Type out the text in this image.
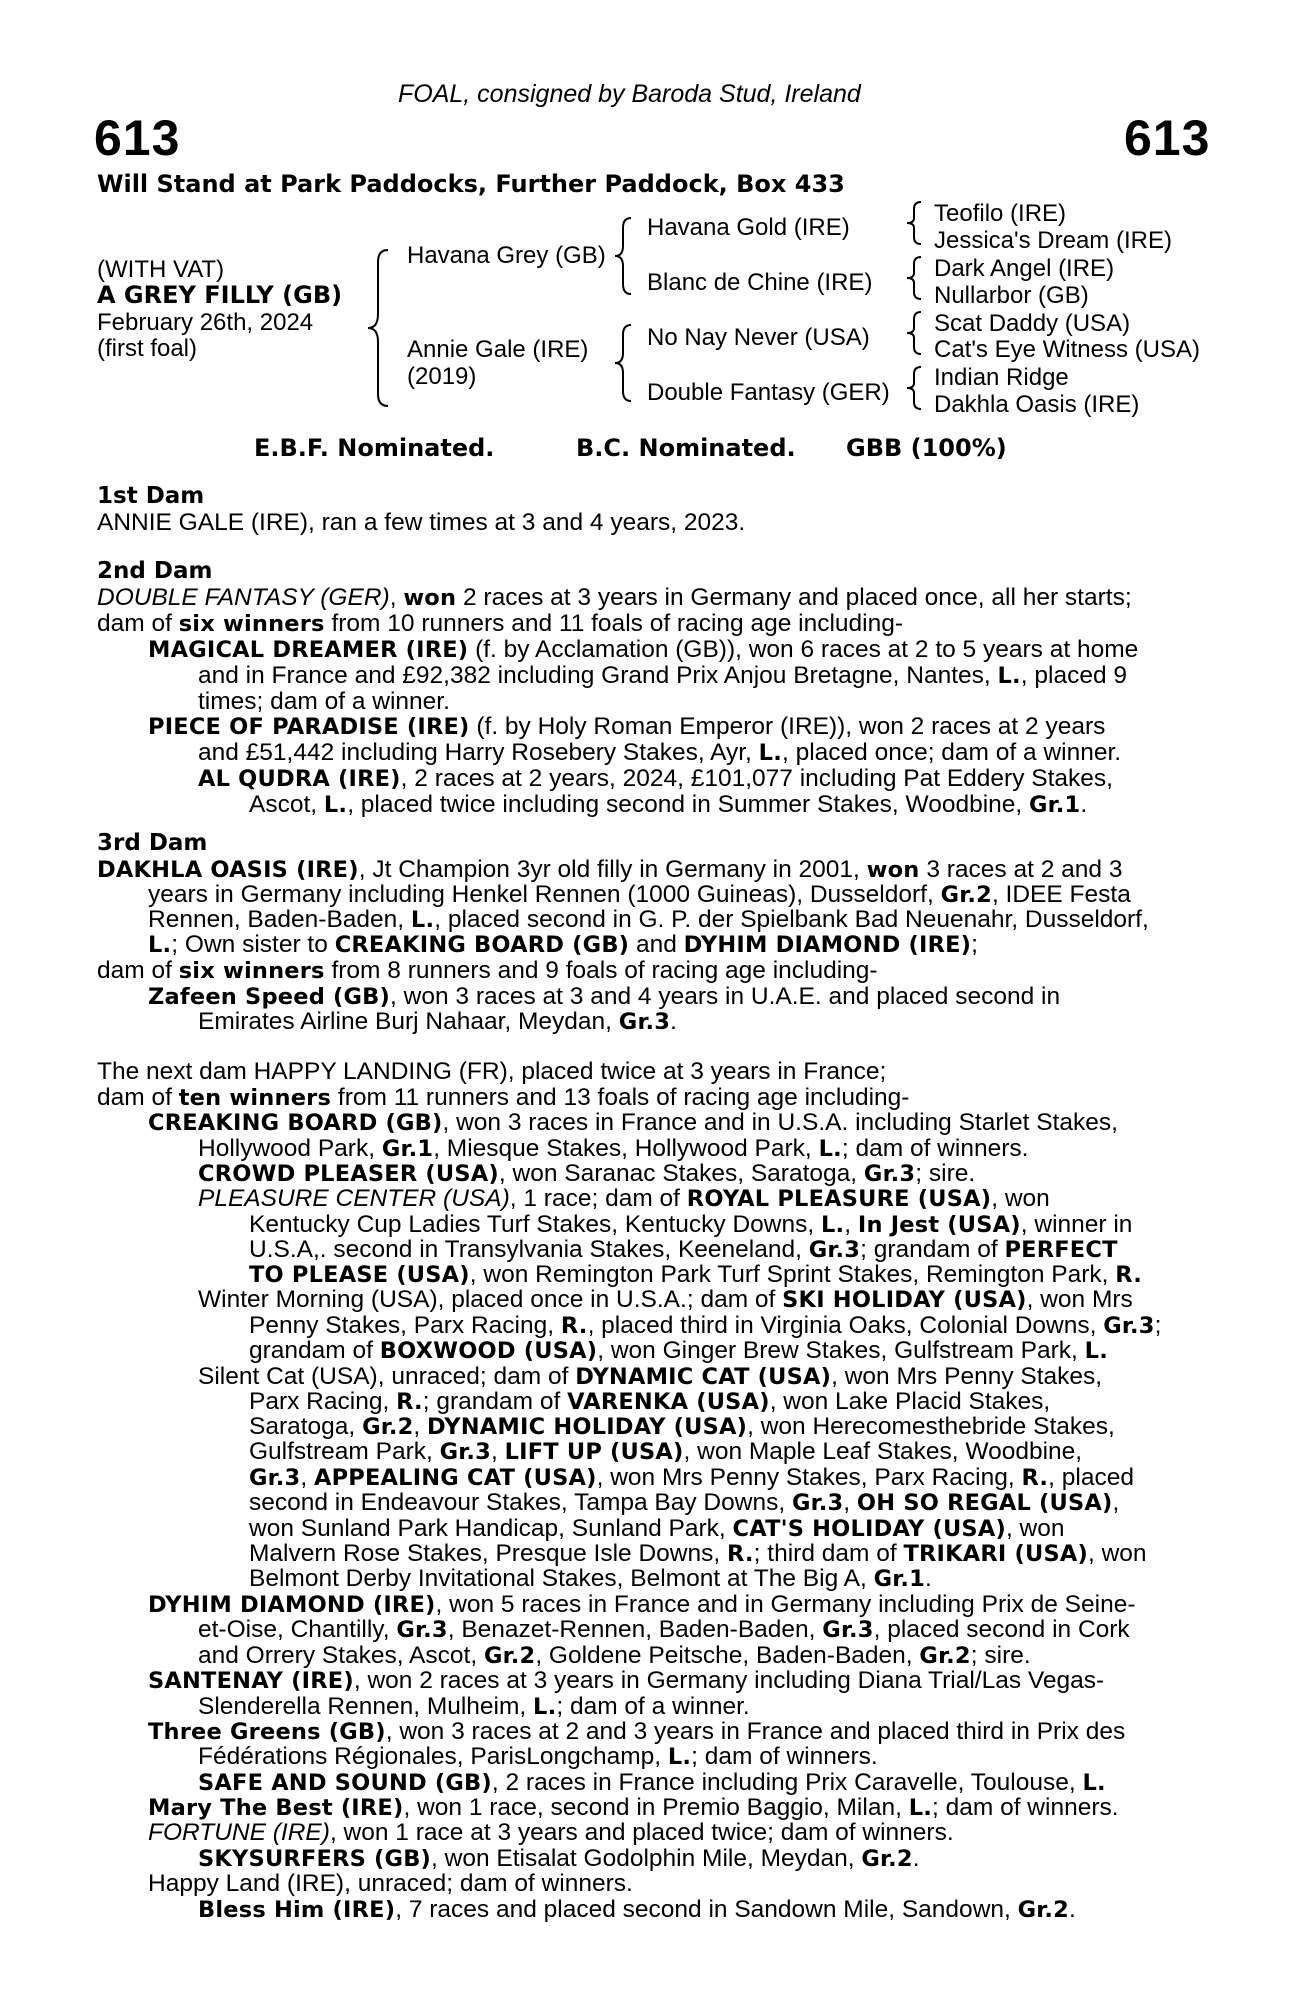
FOAL, consigned by Baroda Stud, Ireland
613	613
Will Stand at Park Paddocks, Further Paddock, Box 433
(WITH VAT)
A GREY FILLY (GB)
February 26th, 2024
(first foal)
Havana Grey (GB)
Annie Gale (IRE)
(2019)
Havana Gold (IRE)
Blanc de Chine (IRE)
No Nay Never (USA)
Double Fantasy (GER)
Teofilo (IRE)
Jessica's Dream (IRE)
Dark Angel (IRE)
Nullarbor (GB)
Scat Daddy (USA)
Cat's Eye Witness (USA)
Indian Ridge
Dakhla Oasis (IRE)
E.B.F. Nominated.	B.C. Nominated. GBB (100%)
1st Dam
ANNIE GALE (IRE), ran a few times at 3 and 4 years, 2023.
2nd Dam
DOUBLE FANTASY (GER), won 2 races at 3 years in Germany and placed once, all her starts;
dam of six winners from 10 runners and 11 foals of racing age including-
MAGICAL DREAMER (IRE) (f. by Acclamation (GB)), won 6 races at 2 to 5 years at home
and in France and £92,382 including Grand Prix Anjou Bretagne, Nantes, L., placed 9
times; dam of a winner.
PIECE OF PARADISE (IRE) (f. by Holy Roman Emperor (IRE)), won 2 races at 2 years
and £51,442 including Harry Rosebery Stakes, Ayr, L., placed once; dam of a winner.
AL QUDRA (IRE), 2 races at 2 years, 2024, £101,077 including Pat Eddery Stakes,
Ascot, L., placed twice including second in Summer Stakes, Woodbine, Gr.1.
3rd Dam
DAKHLA OASIS (IRE), Jt Champion 3yr old filly in Germany in 2001, won 3 races at 2 and 3
years in Germany including Henkel Rennen (1000 Guineas), Dusseldorf, Gr.2, IDEE Festa
Rennen, Baden-Baden, L., placed second in G. P. der Spielbank Bad Neuenahr, Dusseldorf,
L.; Own sister to CREAKING BOARD (GB) and DYHIM DIAMOND (IRE);
dam of six winners from 8 runners and 9 foals of racing age including-
Zafeen Speed (GB), won 3 races at 3 and 4 years in U.A.E. and placed second in
Emirates Airline Burj Nahaar, Meydan, Gr.3.
The next dam HAPPY LANDING (FR), placed twice at 3 years in France;
dam of ten winners from 11 runners and 13 foals of racing age including-
CREAKING BOARD (GB), won 3 races in France and in U.S.A. including Starlet Stakes,
Hollywood Park, Gr.1, Miesque Stakes, Hollywood Park, L.; dam of winners.
CROWD PLEASER (USA), won Saranac Stakes, Saratoga, Gr.3; sire.
PLEASURE CENTER (USA), 1 race; dam of ROYAL PLEASURE (USA), won
Kentucky Cup Ladies Turf Stakes, Kentucky Downs, L., In Jest (USA), winner in
U.S.A,. second in Transylvania Stakes, Keeneland, Gr.3; grandam of PERFECT
TO PLEASE (USA), won Remington Park Turf Sprint Stakes, Remington Park, R.
Winter Morning (USA), placed once in U.S.A.; dam of SKI HOLIDAY (USA), won Mrs
Penny Stakes, Parx Racing, R., placed third in Virginia Oaks, Colonial Downs, Gr.3;
grandam of BOXWOOD (USA), won Ginger Brew Stakes, Gulfstream Park, L.
Silent Cat (USA), unraced; dam of DYNAMIC CAT (USA), won Mrs Penny Stakes,
Parx Racing, R.; grandam of VARENKA (USA), won Lake Placid Stakes,
Saratoga, Gr.2, DYNAMIC HOLIDAY (USA), won Herecomesthebride Stakes,
Gulfstream Park, Gr.3, LIFT UP (USA), won Maple Leaf Stakes, Woodbine,
Gr.3, APPEALING CAT (USA), won Mrs Penny Stakes, Parx Racing, R., placed
second in Endeavour Stakes, Tampa Bay Downs, Gr.3, OH SO REGAL (USA),
won Sunland Park Handicap, Sunland Park, CAT'S HOLIDAY (USA), won
Malvern Rose Stakes, Presque Isle Downs, R.; third dam of TRIKARI (USA), won
Belmont Derby Invitational Stakes, Belmont at The Big A, Gr.1.
DYHIM DIAMOND (IRE), won 5 races in France and in Germany including Prix de Seine-
et-Oise, Chantilly, Gr.3, Benazet-Rennen, Baden-Baden, Gr.3, placed second in Cork
and Orrery Stakes, Ascot, Gr.2, Goldene Peitsche, Baden-Baden, Gr.2; sire.
SANTENAY (IRE), won 2 races at 3 years in Germany including Diana Trial/Las Vegas-
Slenderella Rennen, Mulheim, L.; dam of a winner.
Three Greens (GB), won 3 races at 2 and 3 years in France and placed third in Prix des
Fédérations Régionales, ParisLongchamp, L.; dam of winners.
SAFE AND SOUND (GB), 2 races in France including Prix Caravelle, Toulouse, L.
Mary The Best (IRE), won 1 race, second in Premio Baggio, Milan, L.; dam of winners.
FORTUNE (IRE), won 1 race at 3 years and placed twice; dam of winners.
SKYSURFERS (GB), won Etisalat Godolphin Mile, Meydan, Gr.2.
Happy Land (IRE), unraced; dam of winners.
Bless Him (IRE), 7 races and placed second in Sandown Mile, Sandown, Gr.2.
